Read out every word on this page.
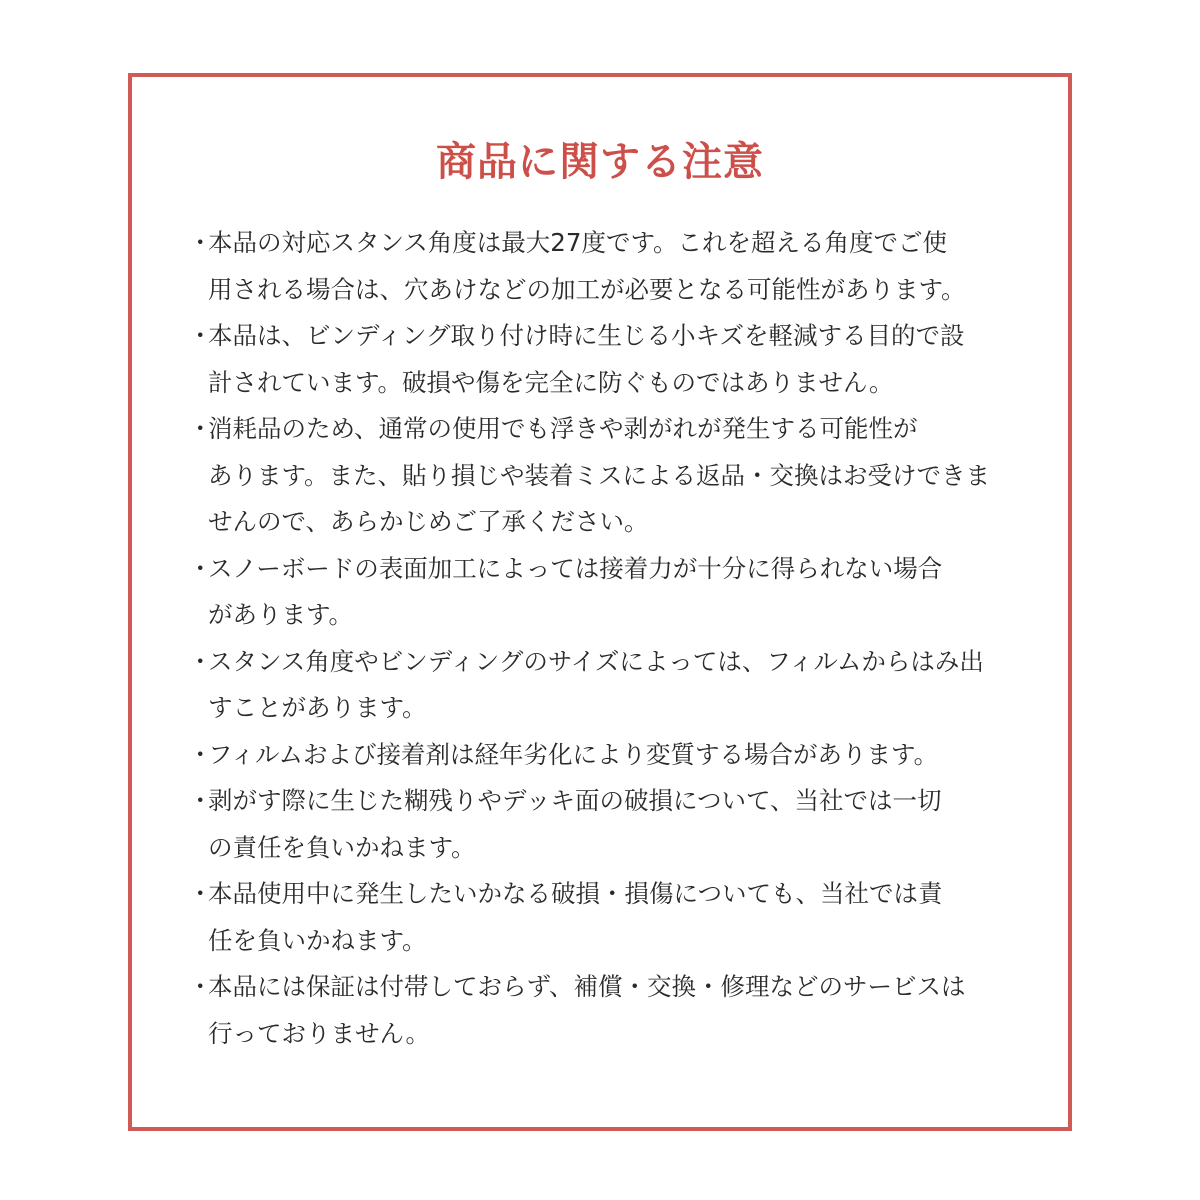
商品に関する注意
・
本品の対応スタンス角度は最大27度です。これを超える角度でご使
用される場合は、穴あけなどの加工が必要となる可能性があります。
・
本品は、ビンディング取り付け時に生じる小キズを軽減する目的で設
計されています。破損や傷を完全に防ぐものではありません。
・
消耗品のため、通常の使用でも浮きや剥がれが発生する可能性が
あります。また、貼り損じや装着ミスによる返品・交換はお受けできま
せんので、あらかじめご了承ください。
・
スノーボードの表面加工によっては接着力が十分に得られない場合
があります。
・
スタンス角度やビンディングのサイズによっては、フィルムからはみ出
すことがあります。
・
フィルムおよび接着剤は経年劣化により変質する場合があります。
・
剥がす際に生じた糊残りやデッキ面の破損について、当社では一切
の責任を負いかねます。
・
本品使用中に発生したいかなる破損・損傷についても、当社では責
任を負いかねます。
・
本品には保証は付帯しておらず、補償・交換・修理などのサービスは
行っておりません。
